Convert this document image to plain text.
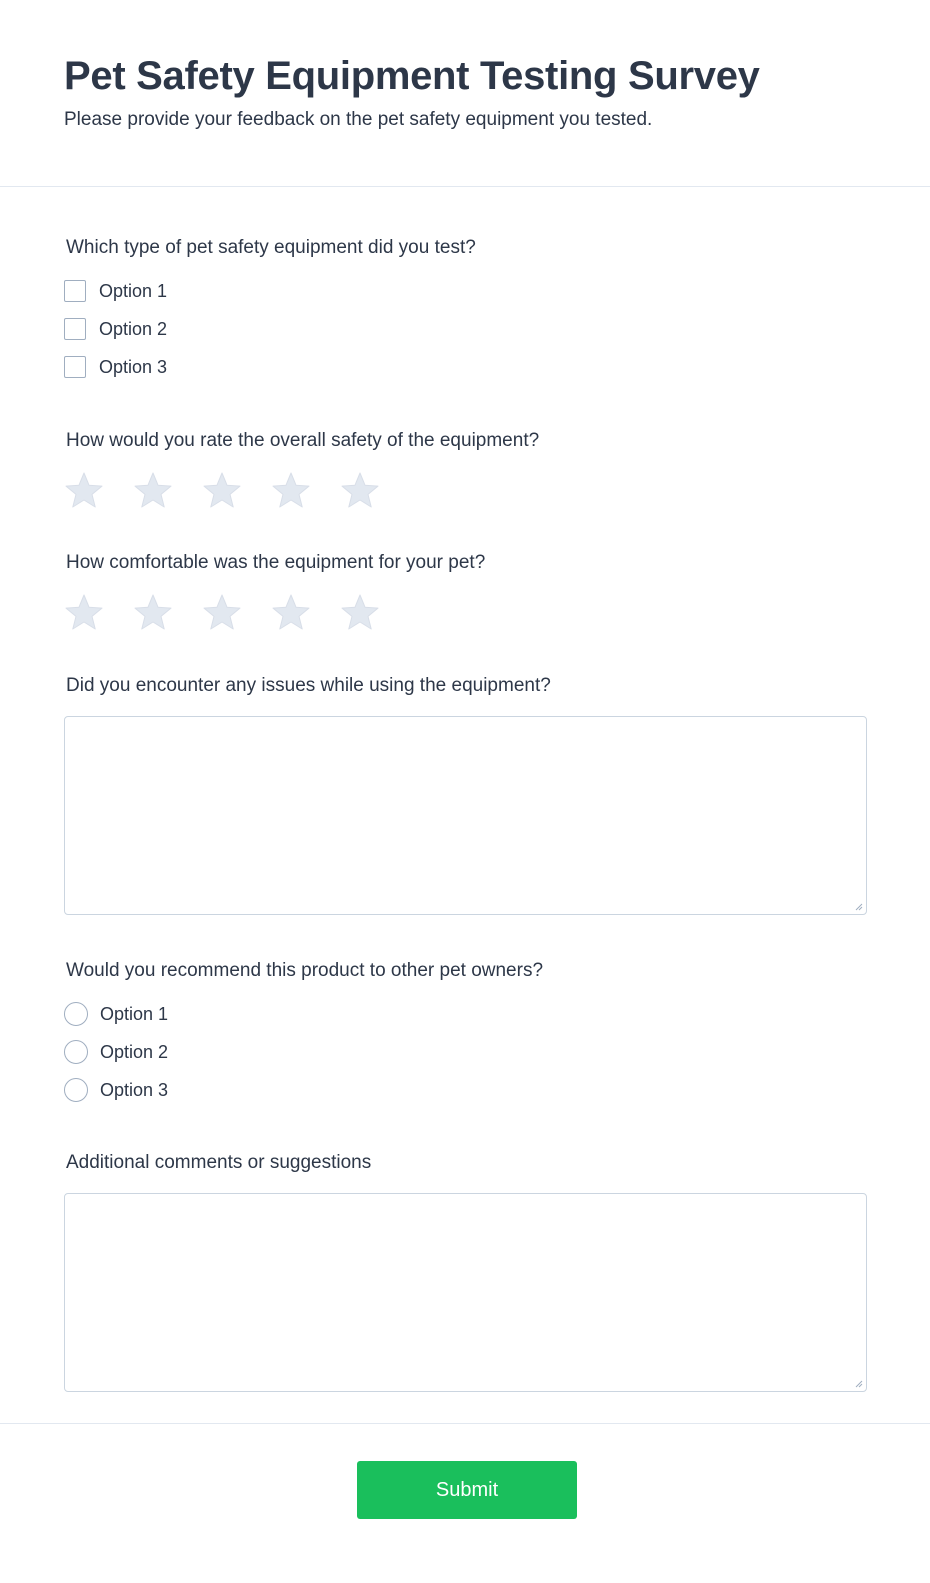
Pet Safety Equipment Testing Survey

Please provide your feedback on the pet safety equipment you tested.

Which type of pet safety equipment did you test?
Option 1
Option 2
Option 3
How would you rate the overall safety of the equipment?
How comfortable was the equipment for your pet?
Did you encounter any issues while using the equipment?
Would you recommend this product to other pet owners?
Option 1
Option 2
Option 3
Additional comments or suggestions
Submit
